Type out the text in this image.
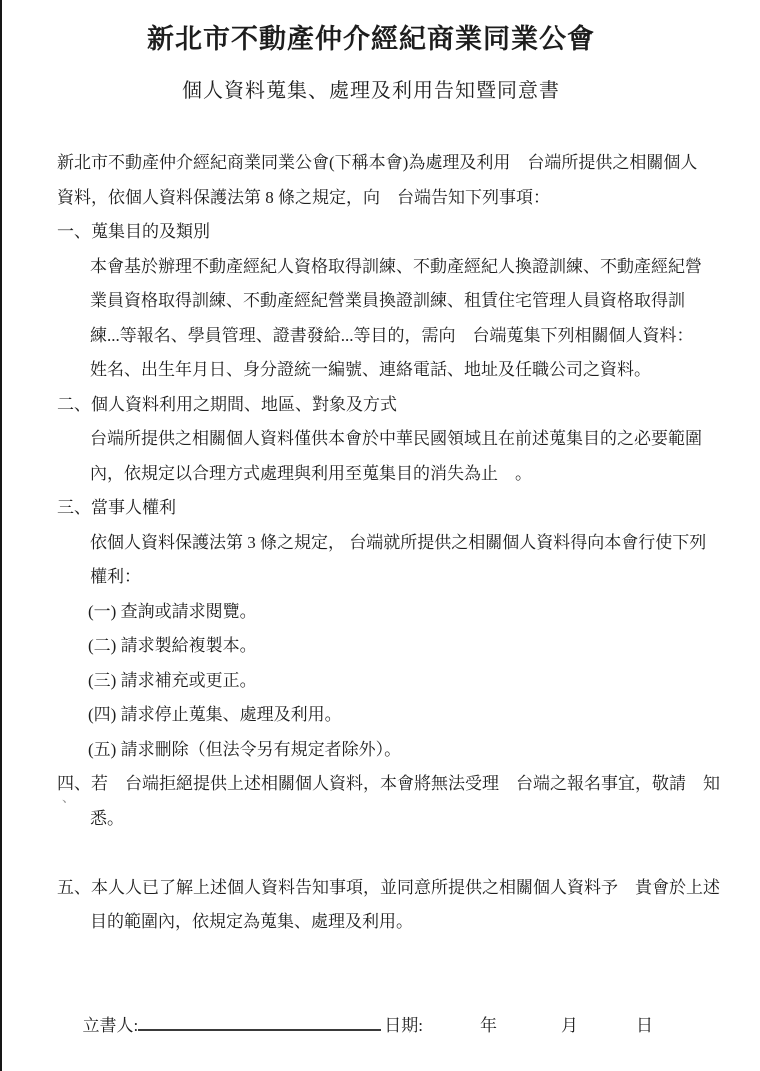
新北市不動產仲介經紀商業同業公會
個人資料蒐集、處理及利用告知暨同意書
新北市不動產仲介經紀商業同業公會(下稱本會)為處理及利用　台端所提供之相關個人
資料，依個人資料保護法第 8 條之規定，向　台端告知下列事項：
一、蒐集目的及類別
本會基於辦理不動產經紀人資格取得訓練、不動產經紀人換證訓練、不動產經紀營
業員資格取得訓練、不動產經紀營業員換證訓練、租賃住宅管理人員資格取得訓
練...等報名、學員管理、證書發給...等目的，需向　台端蒐集下列相關個人資料：
姓名、出生年月日、身分證統一編號、連絡電話、地址及任職公司之資料。
二、個人資料利用之期間、地區、對象及方式
台端所提供之相關個人資料僅供本會於中華民國領域且在前述蒐集目的之必要範圍
內，依規定以合理方式處理與利用至蒐集目的消失為止　。
三、當事人權利
依個人資料保護法第 3 條之規定， 台端就所提供之相關個人資料得向本會行使下列
權利：
(一) 查詢或請求閱覽。
(二) 請求製給複製本。
(三) 請求補充或更正。
(四) 請求停止蒐集、處理及利用。
(五) 請求刪除（但法令另有規定者除外）。
四、若　台端拒絕提供上述相關個人資料，本會將無法受理　台端之報名事宜，敬請　知
悉。
五、本人人已了解上述個人資料告知事項，並同意所提供之相關個人資料予　貴會於上述
目的範圍內，依規定為蒐集、處理及利用。

立書人:	日期:	年	月	日

、
